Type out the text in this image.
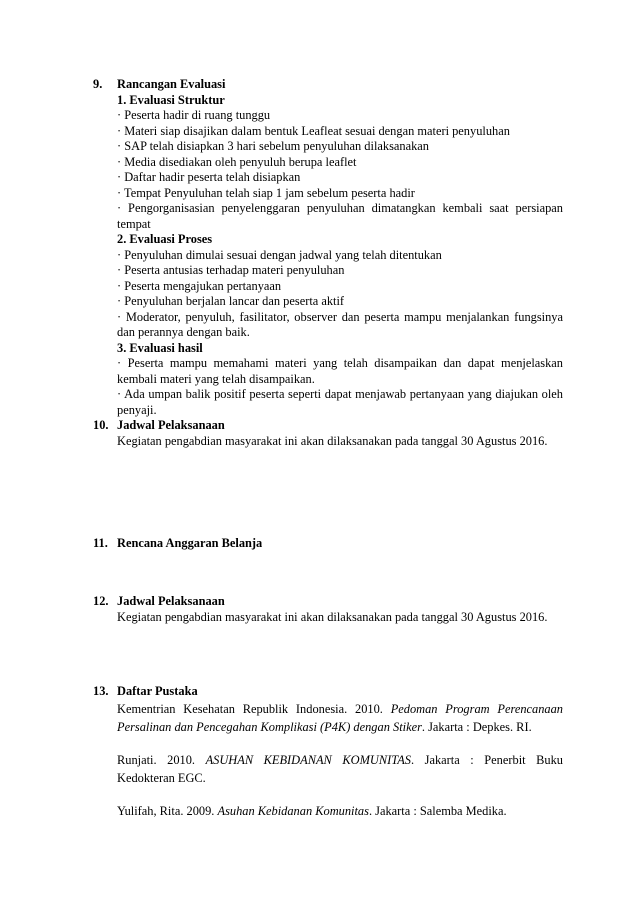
9.	Rancangan Evaluasi
1. Evaluasi Struktur
· Peserta hadir di ruang tunggu
· Materi siap disajikan dalam bentuk Leafleat sesuai dengan materi penyuluhan
· SAP telah disiapkan 3 hari sebelum penyuluhan dilaksanakan
· Media disediakan oleh penyuluh berupa leaflet
· Daftar hadir peserta telah disiapkan
· Tempat Penyuluhan telah siap 1 jam sebelum peserta hadir
· Pengorganisasian penyelenggaran penyuluhan dimatangkan kembali saat persiapan tempat
2. Evaluasi Proses
· Penyuluhan dimulai sesuai dengan jadwal yang telah ditentukan
· Peserta antusias terhadap materi penyuluhan
· Peserta mengajukan pertanyaan
· Penyuluhan berjalan lancar dan peserta aktif
· Moderator, penyuluh, fasilitator, observer dan peserta mampu menjalankan fungsinya dan perannya dengan baik.
3. Evaluasi hasil
· Peserta mampu memahami materi yang telah disampaikan dan dapat menjelaskan kembali materi yang telah disampaikan.
· Ada umpan balik positif peserta seperti dapat menjawab pertanyaan yang diajukan oleh penyaji.
10. Jadwal Pelaksanaan
Kegiatan pengabdian masyarakat ini akan dilaksanakan pada tanggal 30 Agustus 2016.
11. Rencana Anggaran Belanja
12. Jadwal Pelaksanaan
Kegiatan pengabdian masyarakat ini akan dilaksanakan pada tanggal 30 Agustus 2016.
13. Daftar Pustaka
Kementrian Kesehatan Republik Indonesia. 2010. Pedoman Program Perencanaan Persalinan dan Pencegahan Komplikasi (P4K) dengan Stiker. Jakarta : Depkes. RI.
Runjati. 2010. ASUHAN KEBIDANAN KOMUNITAS. Jakarta : Penerbit Buku Kedokteran EGC.
Yulifah, Rita. 2009. Asuhan Kebidanan Komunitas. Jakarta : Salemba Medika.
